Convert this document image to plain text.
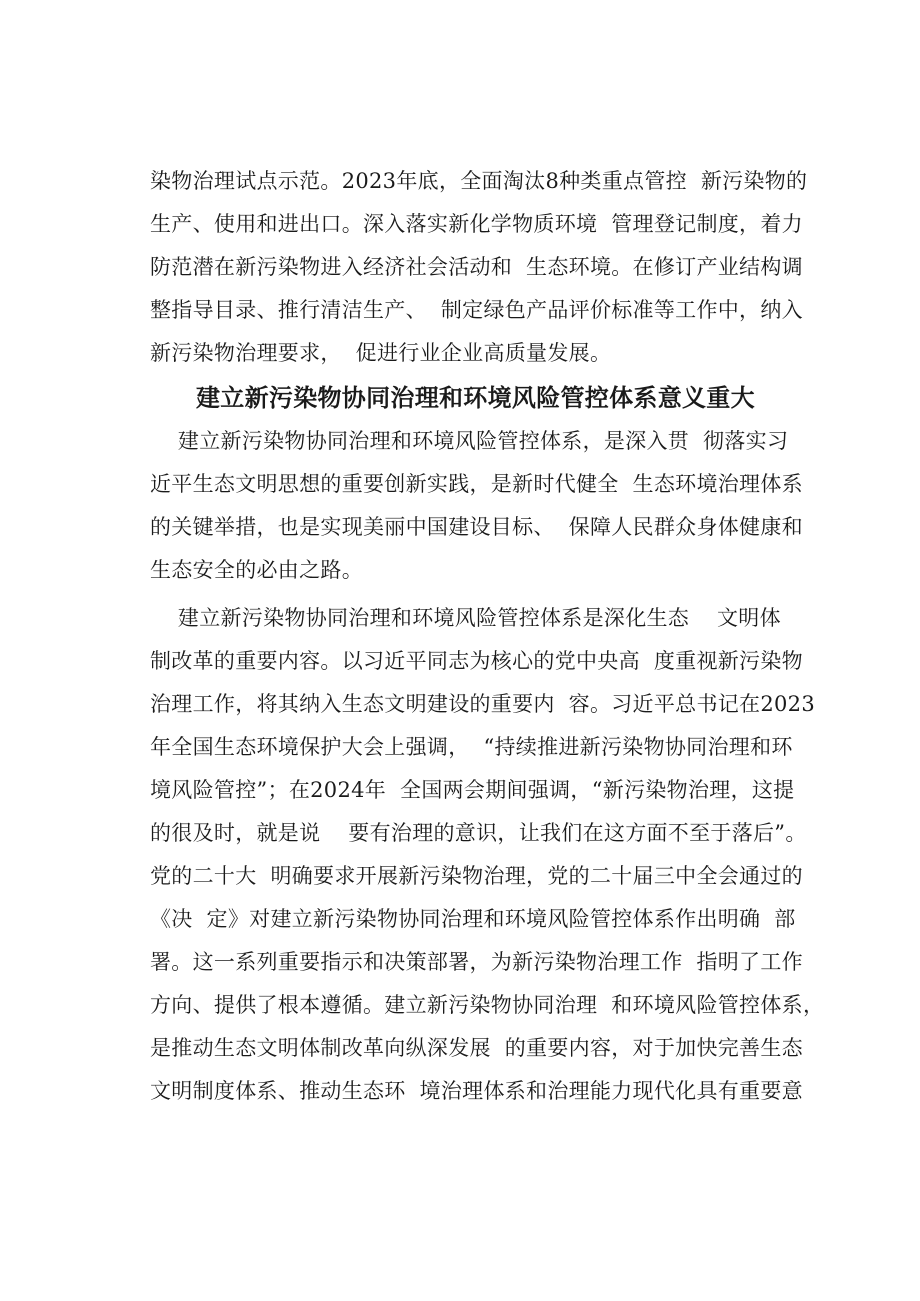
染物治理试点示范。2023年底，全面淘汰8种类重点管控  新污染物的
生产、使用和进出口。深入落实新化学物质环境  管理登记制度，着力
防范潜在新污染物进入经济社会活动和  生态环境。在修订产业结构调
整指导目录、推行清洁生产、  制定绿色产品评价标准等工作中，纳入
新污染物治理要求，  促进行业企业高质量发展。
建立新污染物协同治理和环境风险管控体系意义重大
建立新污染物协同治理和环境风险管控体系，是深入贯  彻落实习
近平生态文明思想的重要创新实践，是新时代健全  生态环境治理体系
的关键举措，也是实现美丽中国建设目标、  保障人民群众身体健康和
生态安全的必由之路。
建立新污染物协同治理和环境风险管控体系是深化生态    文明体
制改革的重要内容。以习近平同志为核心的党中央高  度重视新污染物
治理工作，将其纳入生态文明建设的重要内  容。习近平总书记在2023
年全国生态环境保护大会上强调，  “持续推进新污染物协同治理和环
境风险管控”；在2024年  全国两会期间强调，“新污染物治理，这提
的很及时，就是说    要有治理的意识，让我们在这方面不至于落后”。
党的二十大  明确要求开展新污染物治理，党的二十届三中全会通过的
《决  定》对建立新污染物协同治理和环境风险管控体系作出明确  部
署。这一系列重要指示和决策部署，为新污染物治理工作  指明了工作
方向、提供了根本遵循。建立新污染物协同治理  和环境风险管控体系，
是推动生态文明体制改革向纵深发展  的重要内容，对于加快完善生态
文明制度体系、推动生态环  境治理体系和治理能力现代化具有重要意
